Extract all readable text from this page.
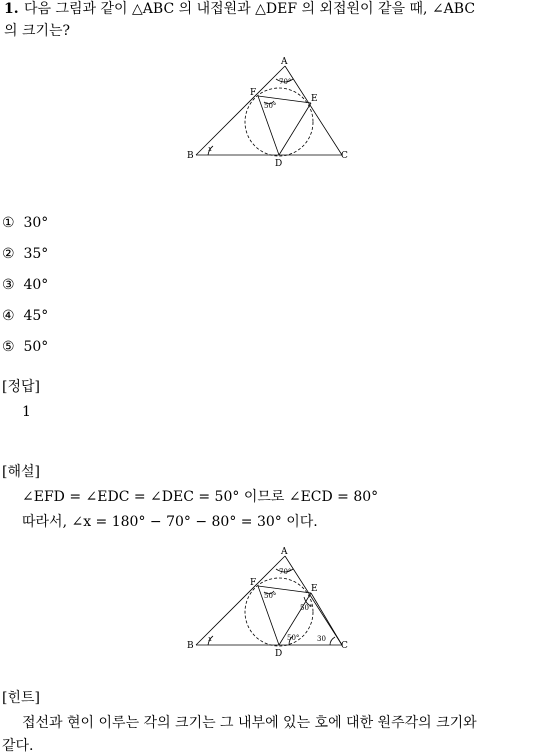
1. 다음 그림과 같이 △ABC 의 내접원과 △DEF 의 외접원이 같을 때, ∠ABC
의 크기는?
A
B	C
D
E
F
70°
50°
x
① 30°
② 35°
③ 40°
④ 45°
⑤ 50°
[정답]
1
[해설]
∠EFD = ∠EDC = ∠DEC = 50° 이므로 ∠ECD = 80°
따라서, ∠x = 180° − 70° − 80° = 30° 이다.
A
B	C
D
E
F
70°
50°
50°
50°	30
x
[힌트]
접선과 현이 이루는 각의 크기는 그 내부에 있는 호에 대한 원주각의 크기와
같다.
